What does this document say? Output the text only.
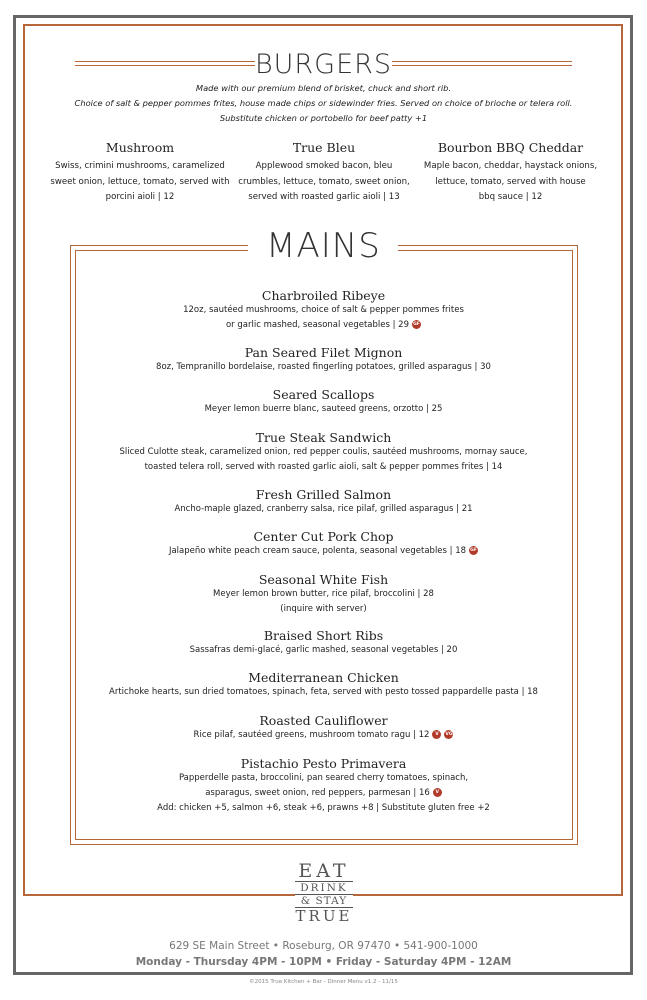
BURGERS
Made with our premium blend of brisket, chuck and short rib.
Choice of salt & pepper pommes frites, house made chips or sidewinder fries. Served on choice of brioche or telera roll.
Substitute chicken or portobello for beef patty +1
Mushroom
Swiss, crimini mushrooms, caramelized
sweet onion, lettuce, tomato, served with
porcini aioli | 12
True Bleu
Applewood smoked bacon, bleu
crumbles, lettuce, tomato, sweet onion,
served with roasted garlic aioli | 13
Bourbon BBQ Cheddar
Maple bacon, cheddar, haystack onions,
lettuce, tomato, served with house
bbq sauce | 12
MAINS
Charbroiled Ribeye
12oz, sautéed mushrooms, choice of salt & pepper pommes frites
or garlic mashed, seasonal vegetables | 29 GF
Pan Seared Filet Mignon
8oz, Tempranillo bordelaise, roasted fingerling potatoes, grilled asparagus | 30
Seared Scallops
Meyer lemon buerre blanc, sauteed greens, orzotto | 25
True Steak Sandwich
Sliced Culotte steak, caramelized onion, red pepper coulis, sautéed mushrooms, mornay sauce,
toasted telera roll, served with roasted garlic aioli, salt & pepper pommes frites | 14
Fresh Grilled Salmon
Ancho-maple glazed, cranberry salsa, rice pilaf, grilled asparagus | 21
Center Cut Pork Chop
Jalapeño white peach cream sauce, polenta, seasonal vegetables | 18 GF
Seasonal White Fish
Meyer lemon brown butter, rice pilaf, broccolini | 28
(inquire with server)
Braised Short Ribs
Sassafras demi-glacé, garlic mashed, seasonal vegetables | 20
Mediterranean Chicken
Artichoke hearts, sun dried tomatoes, spinach, feta, served with pesto tossed pappardelle pasta | 18
Roasted Cauliflower
Rice pilaf, sautéed greens, mushroom tomato ragu | 12 V VG
Pistachio Pesto Primavera
Papperdelle pasta, broccolini, pan seared cherry tomatoes, spinach,
asparagus, sweet onion, red peppers, parmesan | 16 V
Add: chicken +5, salmon +6, steak +6, prawns +8 | Substitute gluten free +2
EAT
DRINK
& STAY
TRUE
629 SE Main Street • Roseburg, OR 97470 • 541-900-1000
Monday - Thursday 4PM - 10PM • Friday - Saturday 4PM - 12AM
©2015 True Kitchen + Bar - Dinner Menu v1.2 - 11/15
